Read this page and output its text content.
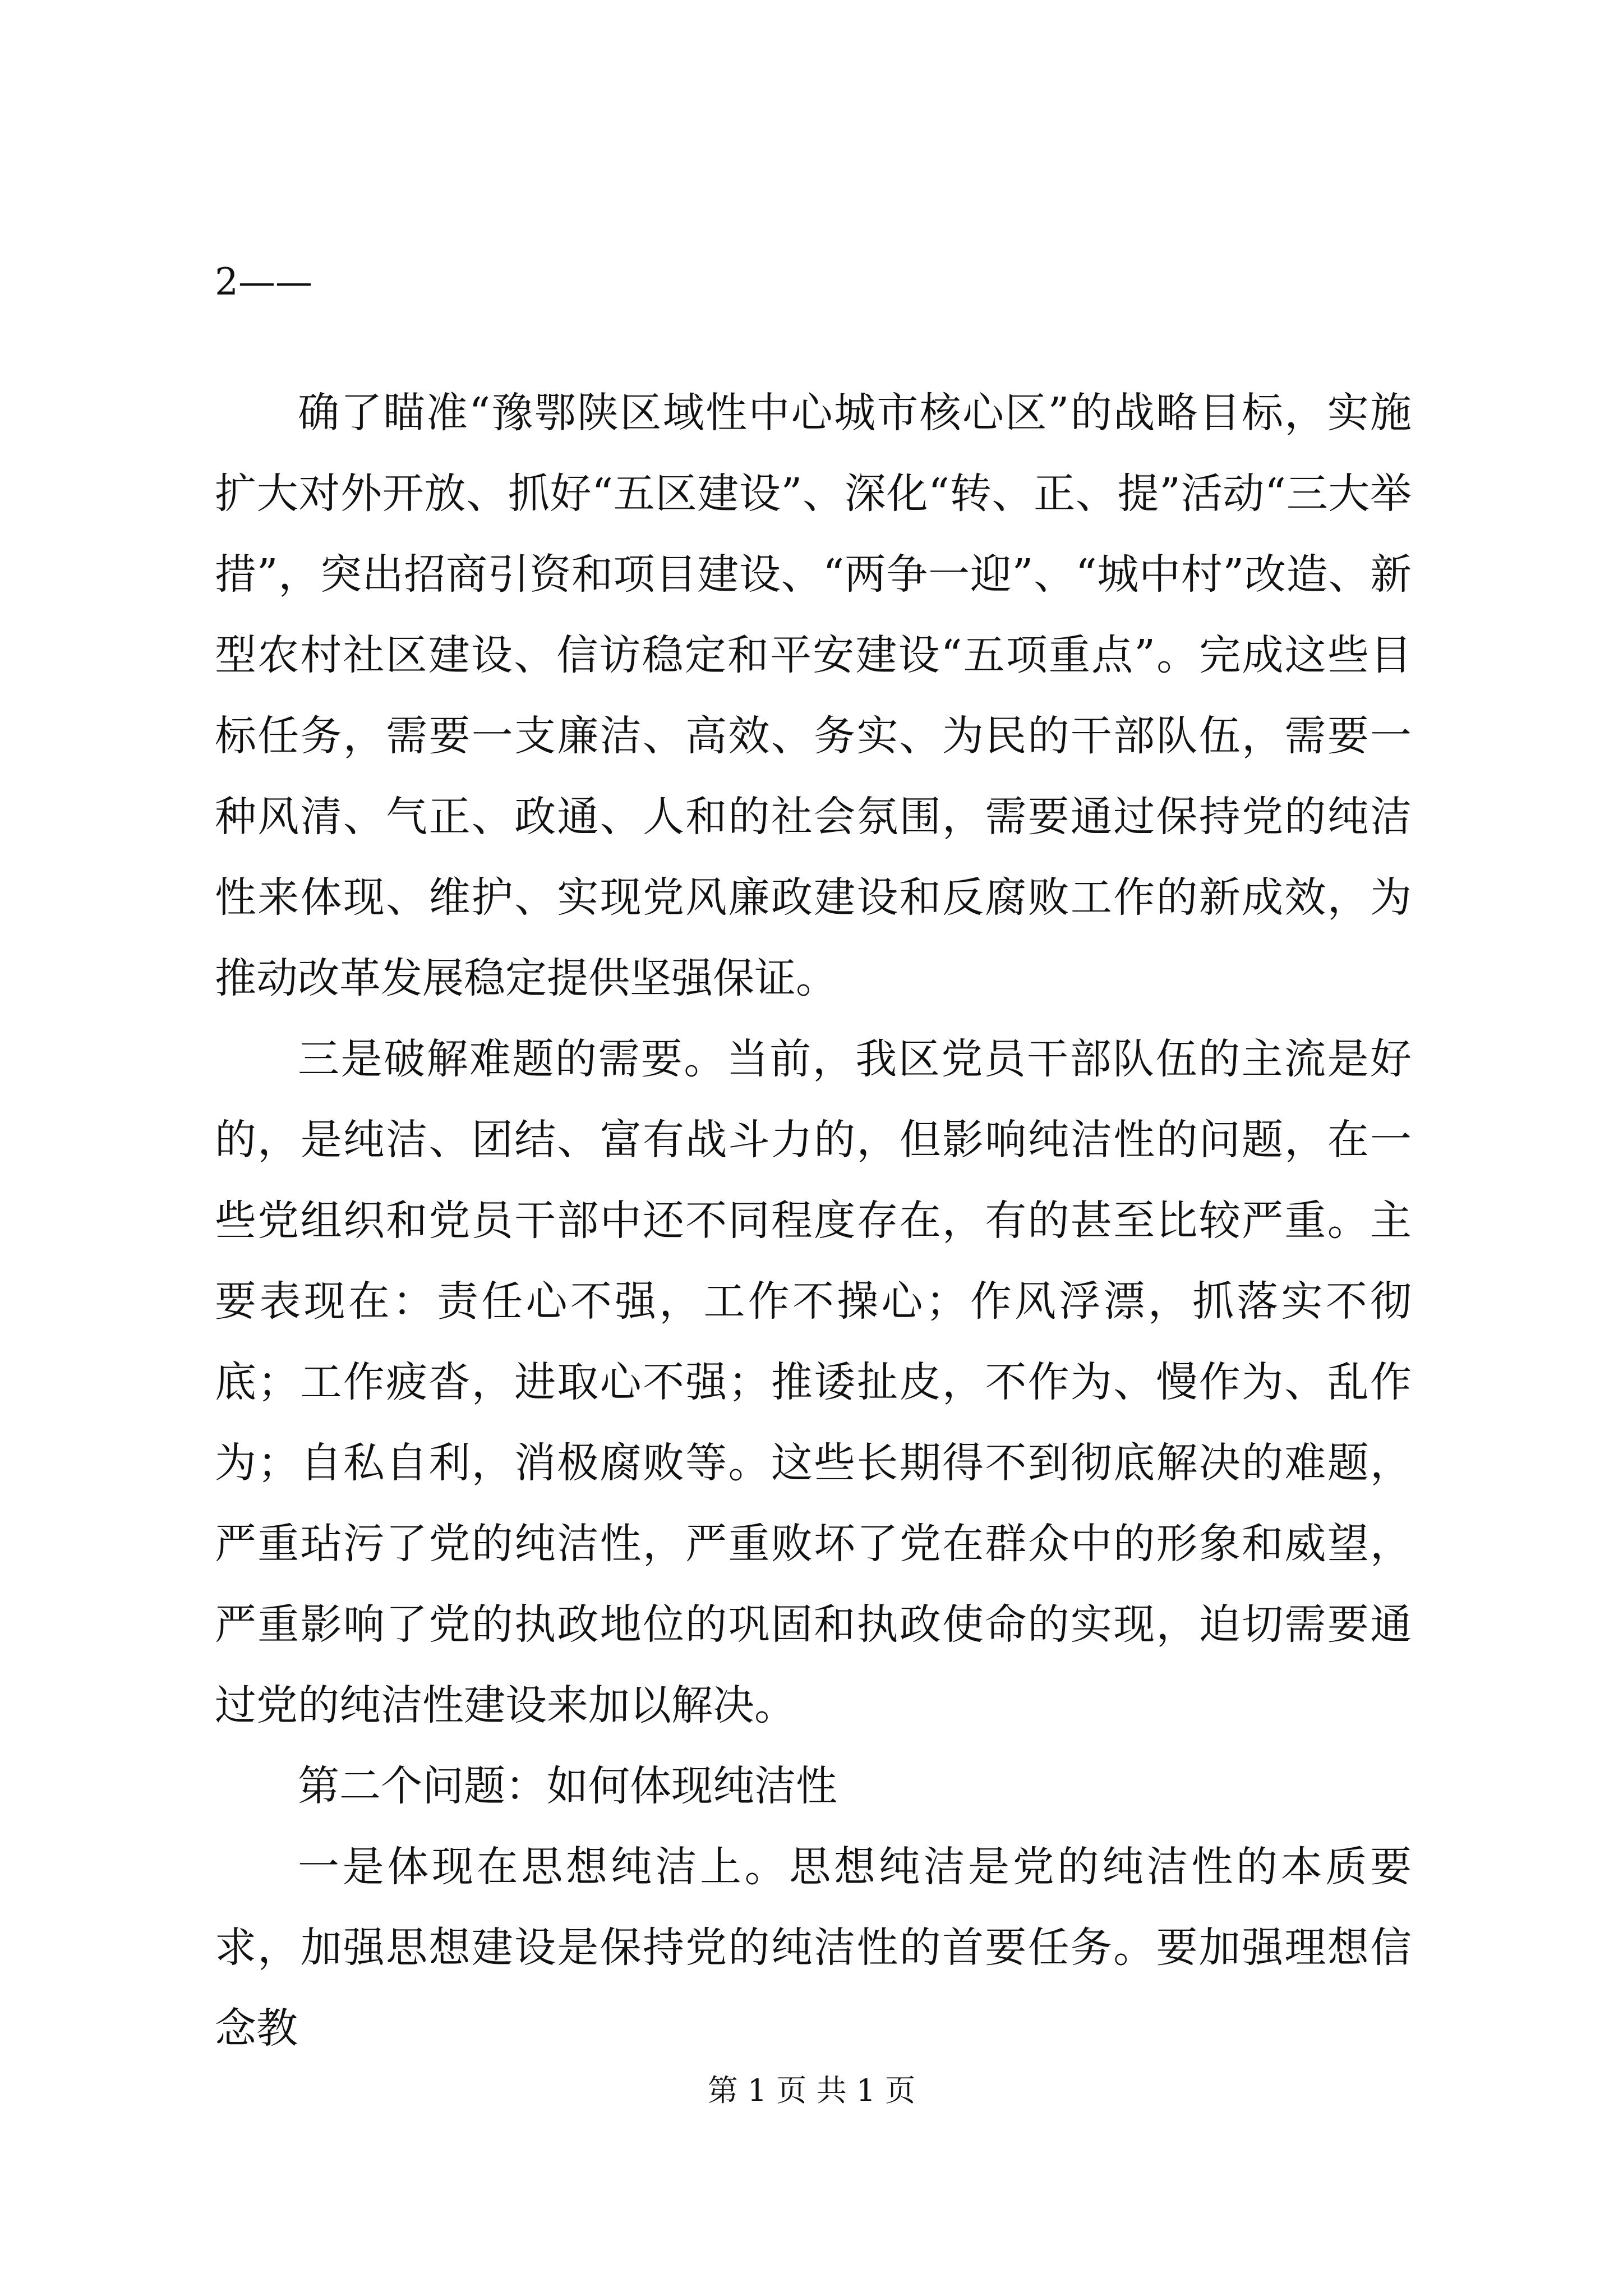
2——

确了瞄准“豫鄂陕区域性中心城市核心区”的战略目标，实施扩大对外开放、抓好“五区建设”、深化“转、正、提”活动“三大举措”，突出招商引资和项目建设、“两争一迎”、“城中村”改造、新型农村社区建设、信访稳定和平安建设“五项重点”。完成这些目标任务，需要一支廉洁、高效、务实、为民的干部队伍，需要一种风清、气正、政通、人和的社会氛围，需要通过保持党的纯洁性来体现、维护、实现党风廉政建设和反腐败工作的新成效，为推动改革发展稳定提供坚强保证。

三是破解难题的需要。当前，我区党员干部队伍的主流是好的，是纯洁、团结、富有战斗力的，但影响纯洁性的问题，在一些党组织和党员干部中还不同程度存在，有的甚至比较严重。主要表现在：责任心不强，工作不操心；作风浮漂，抓落实不彻底；工作疲沓，进取心不强；推诿扯皮，不作为、慢作为、乱作为；自私自利，消极腐败等。这些长期得不到彻底解决的难题，严重玷污了党的纯洁性，严重败坏了党在群众中的形象和威望，严重影响了党的执政地位的巩固和执政使命的实现，迫切需要通过党的纯洁性建设来加以解决。

第二个问题：如何体现纯洁性

一是体现在思想纯洁上。思想纯洁是党的纯洁性的本质要求，加强思想建设是保持党的纯洁性的首要任务。要加强理想信念教

第 1 页 共 1 页
